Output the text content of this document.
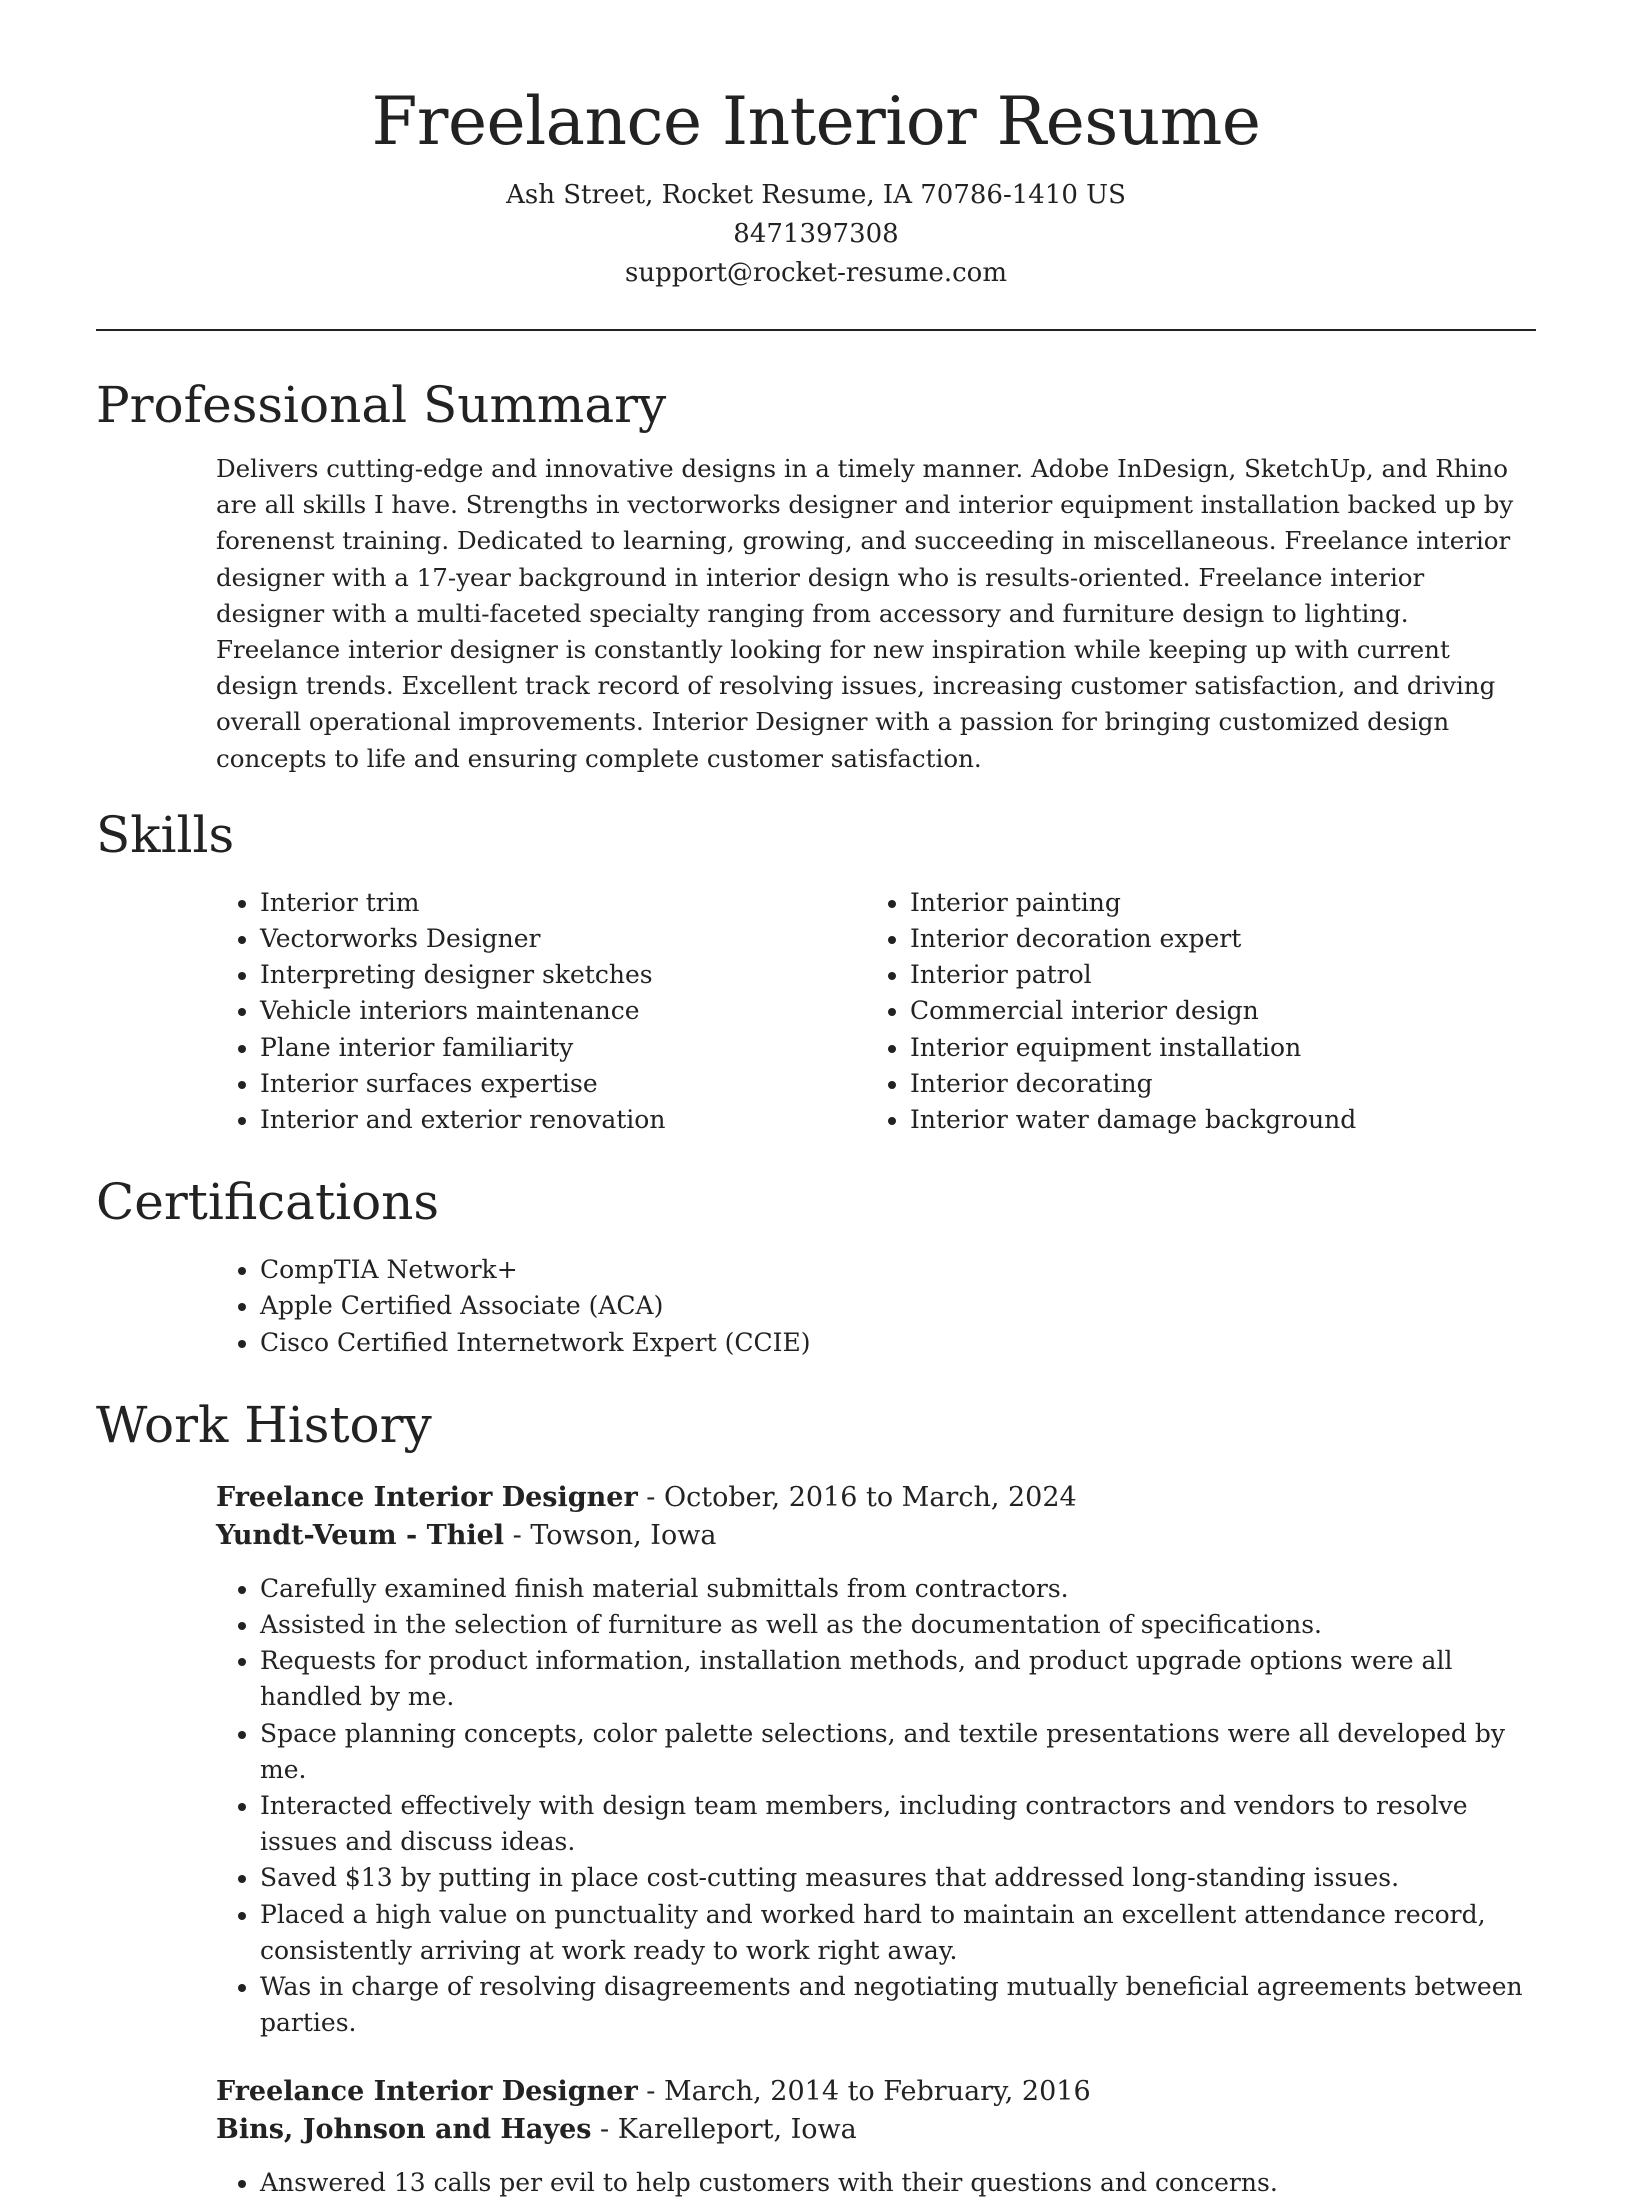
Freelance Interior Resume

Ash Street, Rocket Resume, IA 70786-1410 US

8471397308

support@rocket-resume.com

Professional Summary

Delivers cutting-edge and innovative designs in a timely manner. Adobe InDesign, SketchUp, and Rhino are all skills I have. Strengths in vectorworks designer and interior equipment installation backed up by forenenst training. Dedicated to learning, growing, and succeeding in miscellaneous. Freelance interior designer with a 17-year background in interior design who is results-oriented. Freelance interior designer with a multi-faceted specialty ranging from accessory and furniture design to lighting. Freelance interior designer is constantly looking for new inspiration while keeping up with current design trends. Excellent track record of resolving issues, increasing customer satisfaction, and driving overall operational improvements. Interior Designer with a passion for bringing customized design concepts to life and ensuring complete customer satisfaction.

Skills
• Interior trim
• Vectorworks Designer
• Interpreting designer sketches
• Vehicle interiors maintenance
• Plane interior familiarity
• Interior surfaces expertise
• Interior and exterior renovation
• Interior painting
• Interior decoration expert
• Interior patrol
• Commercial interior design
• Interior equipment installation
• Interior decorating
• Interior water damage background
Certifications
• CompTIA Network+
• Apple Certified Associate (ACA)
• Cisco Certified Internetwork Expert (CCIE)
Work History

Freelance Interior Designer - October, 2016 to March, 2024

Yundt-Veum - Thiel - Towson, Iowa

• Carefully examined finish material submittals from contractors.
• Assisted in the selection of furniture as well as the documentation of specifications.
• Requests for product information, installation methods, and product upgrade options were all handled by me.
• Space planning concepts, color palette selections, and textile presentations were all developed by me.
• Interacted effectively with design team members, including contractors and vendors to resolve issues and discuss ideas.
• Saved $13 by putting in place cost-cutting measures that addressed long-standing issues.
• Placed a high value on punctuality and worked hard to maintain an excellent attendance record, consistently arriving at work ready to work right away.
• Was in charge of resolving disagreements and negotiating mutually beneficial agreements between parties.

Freelance Interior Designer - March, 2014 to February, 2016

Bins, Johnson and Hayes - Karelleport, Iowa

• Answered 13 calls per evil to help customers with their questions and concerns.
